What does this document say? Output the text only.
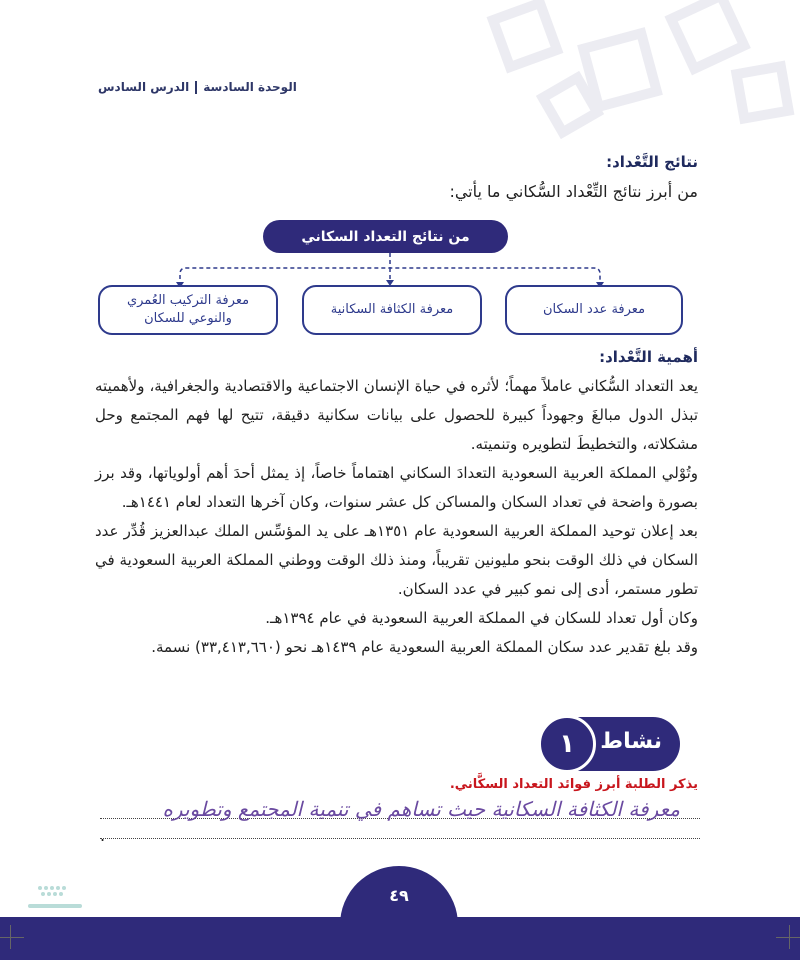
الوحدة السادسةالدرس السادس
نتائج التَّعْداد:
من أبرز نتائج التِّعْداد السُّكاني ما يأتي:
من نتائج التعداد السكاني
معرفة عدد السكان
معرفة الكثافة السكانية
معرفة التركيب العُمري والنوعي للسكان
أهمية التَّعْداد:

يعد التعداد السُّكاني عاملاً مهماً؛ لأثره في حياة الإنسان الاجتماعية والاقتصادية والجغرافية، ولأهميته تبذل الدول مبالغَ وجهوداً كبيرة للحصول على بيانات سكانية دقيقة، تتيح لها فهم المجتمع وحل مشكلاته، والتخطيطَ لتطويره وتنميته.

وتُوْلي المملكة العربية السعودية التعدادَ السكاني اهتماماً خاصاً، إذ يمثل أحدَ أهم أولوياتها، وقد برز بصورة واضحة في تعداد السكان والمساكن كل عشر سنوات، وكان آخرها التعداد لعام ١٤٤١هـ.

بعد إعلان توحيد المملكة العربية السعودية عام ١٣٥١هـ على يد المؤسِّس الملك عبدالعزيز قُدِّر عدد السكان في ذلك الوقت بنحو مليونين تقريباً، ومنذ ذلك الوقت ووطني المملكة العربية السعودية في تطور مستمر، أدى إلى نمو كبير في عدد السكان.

وكان أول تعداد للسكان في المملكة العربية السعودية في عام ١٣٩٤هـ.

وقد بلغ تقدير عدد سكان المملكة العربية السعودية عام ١٤٣٩هـ نحو (٣٣,٤١٣,٦٦٠) نسمة.

١	نشاط
يذكر الطلبة أبرز فوائد التعداد السكَّاني.
معرفة الكثافة السكانية حيث تساهم في تنمية المجتمع وتطويره
.
٤٩
